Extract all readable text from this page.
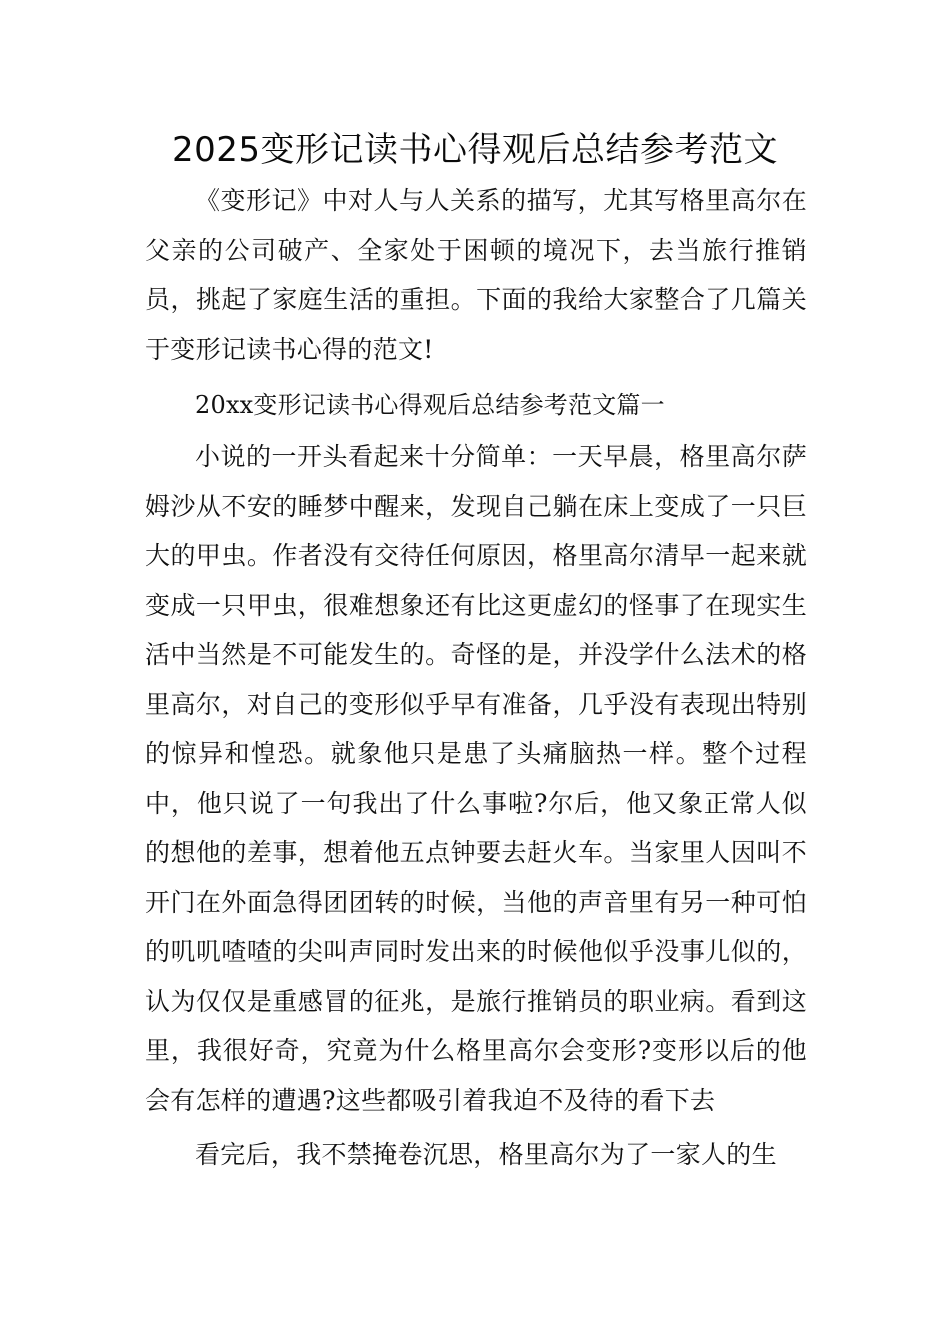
2025变形记读书心得观后总结参考范文

《变形记》中对人与人关系的描写，尤其写格里高尔在父亲的公司破产、全家处于困顿的境况下，去当旅行推销员，挑起了家庭生活的重担。下面的我给大家整合了几篇关于变形记读书心得的范文!

20xx变形记读书心得观后总结参考范文篇一

小说的一开头看起来十分简单：一天早晨，格里高尔萨姆沙从不安的睡梦中醒来，发现自己躺在床上变成了一只巨大的甲虫。作者没有交待任何原因，格里高尔清早一起来就变成一只甲虫，很难想象还有比这更虚幻的怪事了在现实生活中当然是不可能发生的。奇怪的是，并没学什么法术的格里高尔，对自己的变形似乎早有准备，几乎没有表现出特别的惊异和惶恐。就象他只是患了头痛脑热一样。整个过程中，他只说了一句我出了什么事啦?尔后，他又象正常人似的想他的差事，想着他五点钟要去赶火车。当家里人因叫不开门在外面急得团团转的时候，当他的声音里有另一种可怕的叽叽喳喳的尖叫声同时发出来的时候他似乎没事儿似的，认为仅仅是重感冒的征兆，是旅行推销员的职业病。看到这里，我很好奇，究竟为什么格里高尔会变形?变形以后的他会有怎样的遭遇?这些都吸引着我迫不及待的看下去

看完后，我不禁掩卷沉思，格里高尔为了一家人的生
